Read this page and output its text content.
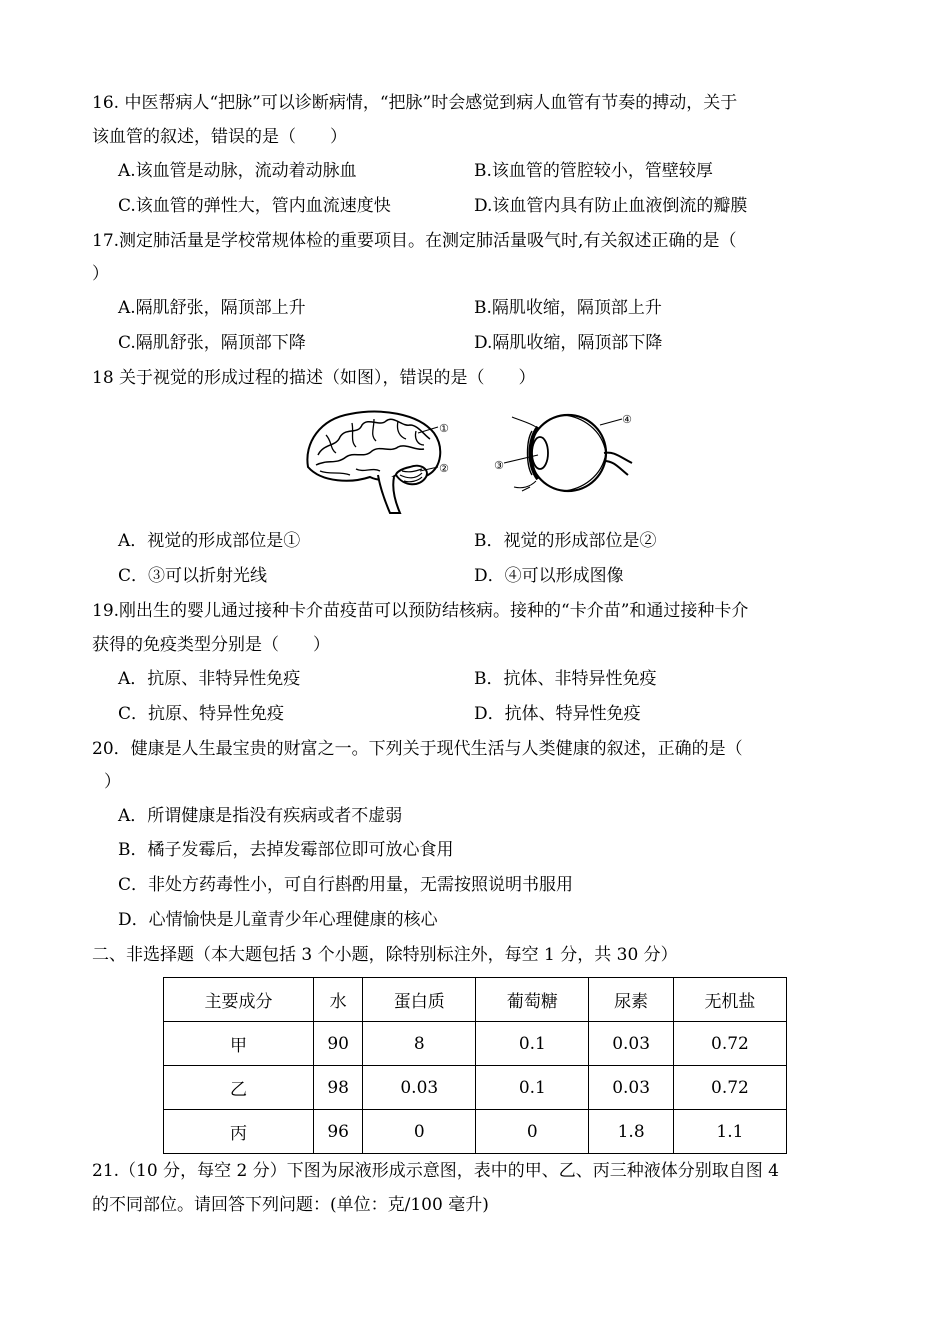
16. 中医帮病人“把脉”可以诊断病情，“把脉”时会感觉到病人血管有节奏的搏动，关于
该血管的叙述，错误的是（　　）
A.该血管是动脉，流动着动脉血	B.该血管的管腔较小，管壁较厚
C.该血管的弹性大，管内血流速度快	D.该血管内具有防止血液倒流的瓣膜
17.测定肺活量是学校常规体检的重要项目。在测定肺活量吸气时,有关叙述正确的是（
）
A.隔肌舒张，隔顶部上升	B.隔肌收缩，隔顶部上升
C.隔肌舒张，隔顶部下降	D.隔肌收缩，隔顶部下降
18 关于视觉的形成过程的描述（如图），错误的是（　　）
①
②	③
④
A．视觉的形成部位是①	B．视觉的形成部位是②
C．③可以折射光线	D．④可以形成图像
19.刚出生的婴儿通过接种卡介苗疫苗可以预防结核病。接种的“卡介苗”和通过接种卡介
获得的免疫类型分别是（　　）
A．抗原、非特异性免疫	B．抗体、非特异性免疫
C．抗原、特异性免疫	D．抗体、特异性免疫
20．健康是人生最宝贵的财富之一。下列关于现代生活与人类健康的叙述，正确的是（
）
A．所谓健康是指没有疾病或者不虚弱
B．橘子发霉后，去掉发霉部位即可放心食用
C．非处方药毒性小，可自行斟酌用量，无需按照说明书服用
D．心情愉快是儿童青少年心理健康的核心
二、非选择题（本大题包括 3 个小题，除特别标注外，每空 1 分，共 30 分）
主要成分	水	蛋白质	葡萄糖	尿素	无机盐
甲	90	8	0.1	0.03	0.72
乙	98	0.03	0.1	0.03	0.72
丙	96	0	0	1.8	1.1
21.（10 分，每空 2 分）下图为尿液形成示意图，表中的甲、乙、丙三种液体分别取自图 4
的不同部位。请回答下列问题：(单位：克/100 毫升)
